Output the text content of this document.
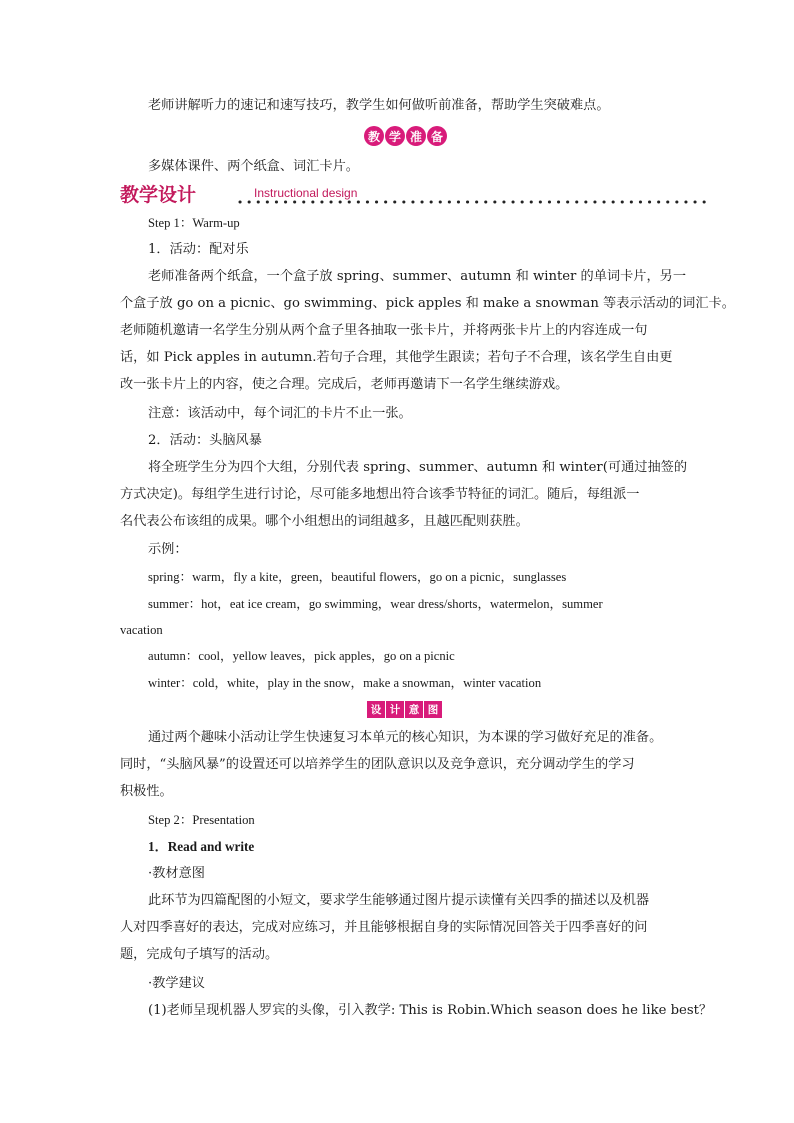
老师讲解听力的速记和速写技巧，教学生如何做听前准备，帮助学生突破难点。
教 学 准 备
多媒体课件、两个纸盒、词汇卡片。
教学设计	Instructional design
Step 1：Warm-up
1．活动：配对乐
老师准备两个纸盒，一个盒子放 spring、summer、autumn 和 winter 的单词卡片，另一
个盒子放 go on a picnic、go swimming、pick apples 和 make a snowman 等表示活动的词汇卡。
老师随机邀请一名学生分别从两个盒子里各抽取一张卡片，并将两张卡片上的内容连成一句
话，如 Pick apples in autumn.若句子合理，其他学生跟读；若句子不合理，该名学生自由更
改一张卡片上的内容，使之合理。完成后，老师再邀请下一名学生继续游戏。
注意：该活动中，每个词汇的卡片不止一张。
2．活动：头脑风暴
将全班学生分为四个大组，分别代表 spring、summer、autumn 和 winter(可通过抽签的
方式决定)。每组学生进行讨论，尽可能多地想出符合该季节特征的词汇。随后，每组派一
名代表公布该组的成果。哪个小组想出的词组越多，且越匹配则获胜。
示例：
spring：warm，fly a kite，green，beautiful flowers，go on a picnic，sunglasses
summer：hot，eat ice cream，go swimming，wear dress/shorts，watermelon，summer
vacation
autumn：cool，yellow leaves，pick apples，go on a picnic
winter：cold，white，play in the snow，make a snowman，winter vacation
设 计 意 图
通过两个趣味小活动让学生快速复习本单元的核心知识，为本课的学习做好充足的准备。
同时，“头脑风暴”的设置还可以培养学生的团队意识以及竞争意识，充分调动学生的学习
积极性。
Step 2：Presentation
1．Read and write
·教材意图
此环节为四篇配图的小短文，要求学生能够通过图片提示读懂有关四季的描述以及机器
人对四季喜好的表达，完成对应练习，并且能够根据自身的实际情况回答关于四季喜好的问
题，完成句子填写的活动。
·教学建议
(1)老师呈现机器人罗宾的头像，引入教学: This is Robin.Which season does he like best？
